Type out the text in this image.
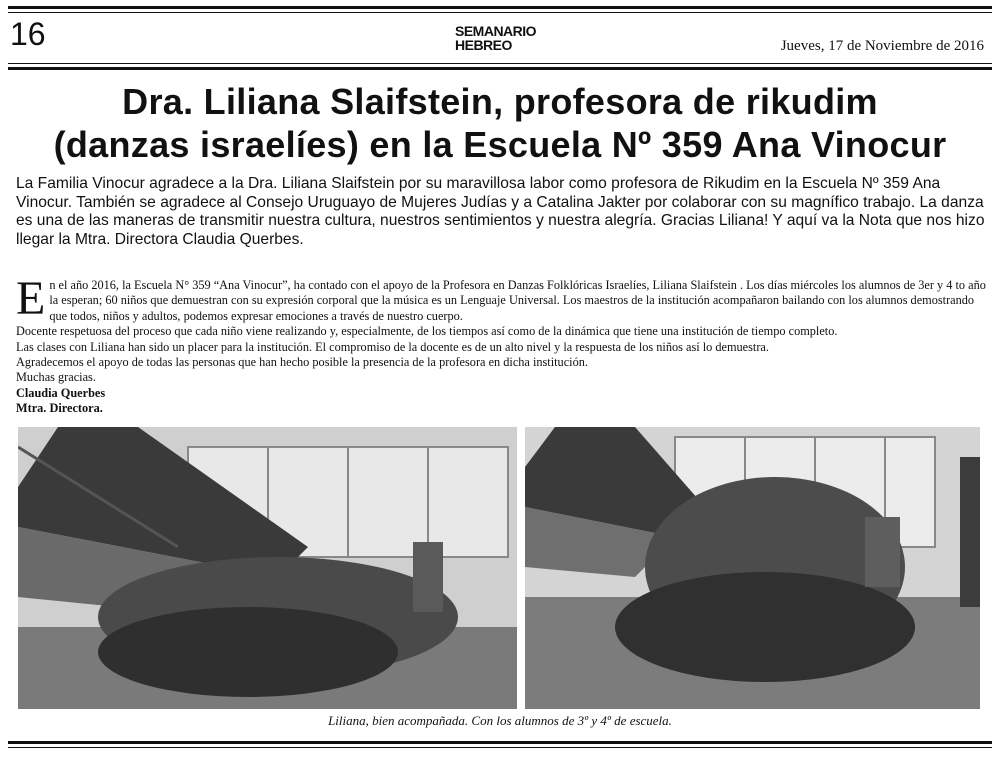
16	SEMANARIO
HEBREO	Jueves, 17 de Noviembre de 2016
Dra. Liliana Slaifstein, profesora de rikudim
(danzas israelíes) en la Escuela Nº 359 Ana Vinocur
La Familia Vinocur agradece a la Dra. Liliana Slaifstein por su maravillosa labor como profesora de Rikudim en la Escuela Nº 359 Ana Vinocur. También se agradece al Consejo Uruguayo de Mujeres Judías y a Catalina Jakter por colaborar con su magnífico trabajo. La danza es una de las maneras de transmitir nuestra cultura, nuestros sentimientos y nuestra alegría. Gracias Liliana! Y aquí va la Nota que nos hizo llegar la Mtra. Directora Claudia Querbes.

En el año 2016, la Escuela N° 359 “Ana Vinocur”, ha contado con el apoyo de la Profesora en Danzas Folklóricas Israelíes, Liliana Slaifstein . Los días miércoles los alumnos de 3er y 4 to año la esperan; 60 niños que demuestran con su expresión corporal que la música es un Lenguaje Universal. Los maestros de la institución acompañaron bailando con los alumnos demostrando que todos, niños y adultos, podemos expresar emociones a través de nuestro cuerpo.

Docente respetuosa del proceso que cada niño viene realizando y, especialmente, de los tiempos así como de la dinámica que tiene una institución de tiempo completo.

Las clases con Liliana han sido un placer para la institución. El compromiso de la docente es de un alto nivel y la respuesta de los niños así lo demuestra.

Agradecemos el apoyo de todas las personas que han hecho posible la presencia de la profesora en dicha institución.

Muchas gracias.

Claudia Querbes

Mtra. Directora.

Liliana, bien acompañada. Con los alumnos de 3º y 4º de escuela.
